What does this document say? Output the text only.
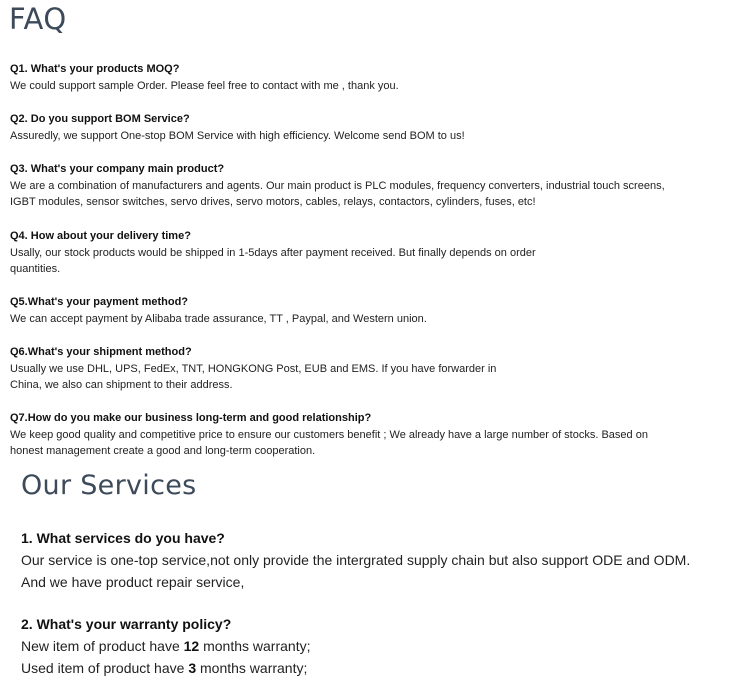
FAQ
Q1. What's your products MOQ?
We could support sample Order. Please feel free to contact with me , thank you.
Q2. Do you support BOM Service?
Assuredly, we support One-stop BOM Service with high efficiency. Welcome send BOM to us!
Q3. What's your company main product?
We are a combination of manufacturers and agents. Our main product is PLC modules, frequency converters, industrial touch screens,
IGBT modules, sensor switches, servo drives, servo motors, cables, relays, contactors, cylinders, fuses, etc!
Q4. How about your delivery time?
Usally, our stock products would be shipped in 1-5days after payment received. But finally depends on order
quantities.
Q5.What's your payment method?
We can accept payment by Alibaba trade assurance, TT , Paypal, and Western union.
Q6.What's your shipment method?
Usually we use DHL, UPS, FedEx, TNT, HONGKONG Post, EUB and EMS. If you have forwarder in
China, we also can shipment to their address.
Q7.How do you make our business long-term and good relationship?
We keep good quality and competitive price to ensure our customers benefit ; We already have a large number of stocks. Based on
honest management create a good and long-term cooperation.
Our Services
1. What services do you have?
Our service is one-top service,not only provide the intergrated supply chain but also support ODE and ODM.
And we have product repair service,
2. What's your warranty policy?
New item of product have 12 months warranty;
Used item of product have 3 months warranty;
